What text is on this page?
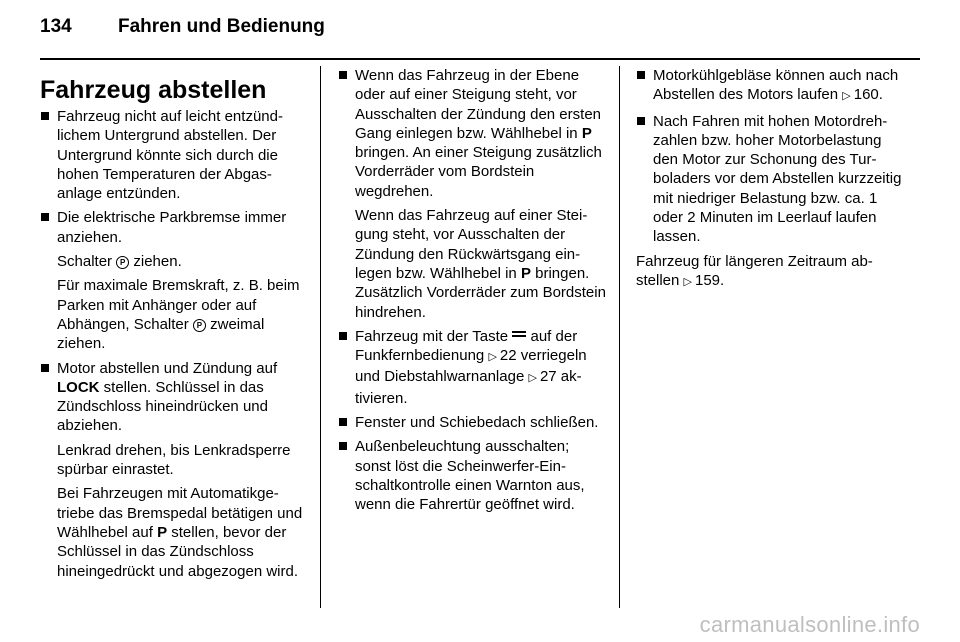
134	Fahren und Bedienung
Fahrzeug abstellen
Fahrzeug nicht auf leicht entzündlichem Untergrund abstellen. Der Untergrund könnte sich durch die hohen Temperaturen der Abgasanlage entzünden.
Die elektrische Parkbremse immer anziehen.
Schalter P ziehen.
Für maximale Bremskraft, z. B. beim Parken mit Anhänger oder auf Abhängen, Schalter P zweimal ziehen.
Motor abstellen und Zündung auf LOCK stellen. Schlüssel in das Zündschloss hineindrücken und abziehen.
Lenkrad drehen, bis Lenkradsperre spürbar einrastet.
Bei Fahrzeugen mit Automatikgetriebe das Bremspedal betätigen und Wählhebel auf P stellen, bevor der Schlüssel in das Zündschloss hineingedrückt und abgezogen wird.
Wenn das Fahrzeug in der Ebene oder auf einer Steigung steht, vor Ausschalten der Zündung den ersten Gang einlegen bzw. Wählhebel in P bringen. An einer Steigung zusätzlich Vorderräder vom Bordstein wegdrehen.
Wenn das Fahrzeug auf einer Steigung steht, vor Ausschalten der Zündung den Rückwärtsgang einlegen bzw. Wählhebel in P bringen. Zusätzlich Vorderräder zum Bordstein hindrehen.
Fahrzeug mit der Taste auf der Funkfernbedienung ▷ 22 verriegeln und Diebstahlwarnanlage ▷ 27 aktivieren.
Fenster und Schiebedach schließen.
Außenbeleuchtung ausschalten; sonst löst die Scheinwerfer-Einschaltkontrolle einen Warnton aus, wenn die Fahrertür geöffnet wird.
Motorkühlgebläse können auch nach Abstellen des Motors laufen ▷ 160.
Nach Fahren mit hohen Motordrehzahlen bzw. hoher Motorbelastung den Motor zur Schonung des Turboladers vor dem Abstellen kurzzeitig mit niedriger Belastung bzw. ca. 1 oder 2 Minuten im Leerlauf laufen lassen.
Fahrzeug für längeren Zeitraum abstellen ▷ 159.
carmanualsonline.info
